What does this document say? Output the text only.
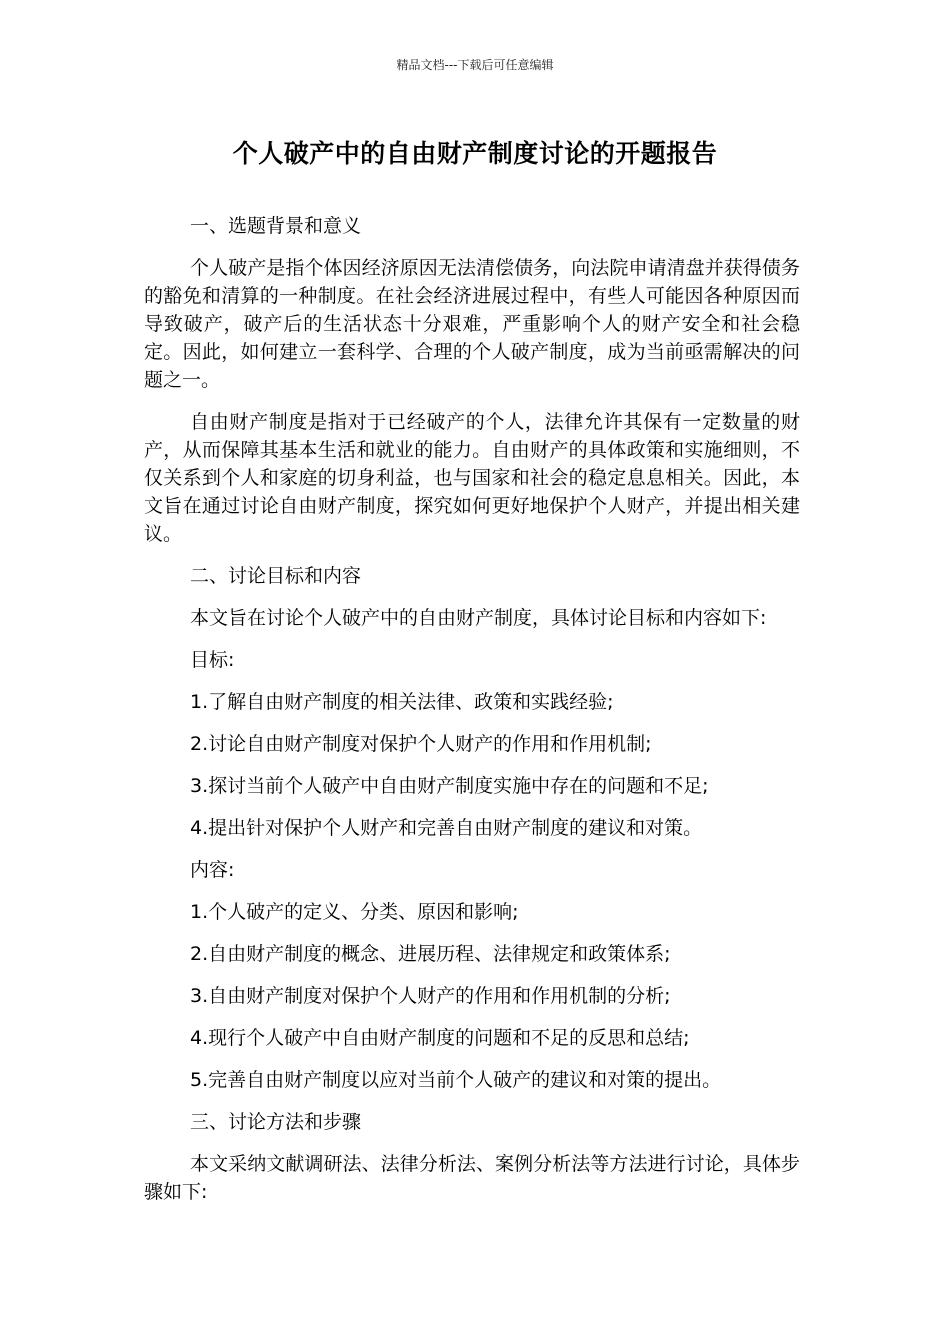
精品文档---下载后可任意编辑
个人破产中的自由财产制度讨论的开题报告

一、选题背景和意义

个人破产是指个体因经济原因无法清偿债务，向法院申请清盘并获得债务的豁免和清算的一种制度。在社会经济进展过程中，有些人可能因各种原因而导致破产，破产后的生活状态十分艰难，严重影响个人的财产安全和社会稳定。因此，如何建立一套科学、合理的个人破产制度，成为当前亟需解决的问题之一。

自由财产制度是指对于已经破产的个人，法律允许其保有一定数量的财产，从而保障其基本生活和就业的能力。自由财产的具体政策和实施细则，不仅关系到个人和家庭的切身利益，也与国家和社会的稳定息息相关。因此，本文旨在通过讨论自由财产制度，探究如何更好地保护个人财产，并提出相关建议。

二、讨论目标和内容

本文旨在讨论个人破产中的自由财产制度，具体讨论目标和内容如下:

目标:

1.了解自由财产制度的相关法律、政策和实践经验;

2.讨论自由财产制度对保护个人财产的作用和作用机制;

3.探讨当前个人破产中自由财产制度实施中存在的问题和不足;

4.提出针对保护个人财产和完善自由财产制度的建议和对策。

内容:

1.个人破产的定义、分类、原因和影响;

2.自由财产制度的概念、进展历程、法律规定和政策体系;

3.自由财产制度对保护个人财产的作用和作用机制的分析;

4.现行个人破产中自由财产制度的问题和不足的反思和总结;

5.完善自由财产制度以应对当前个人破产的建议和对策的提出。

三、讨论方法和步骤

本文采纳文献调研法、法律分析法、案例分析法等方法进行讨论，具体步骤如下:
